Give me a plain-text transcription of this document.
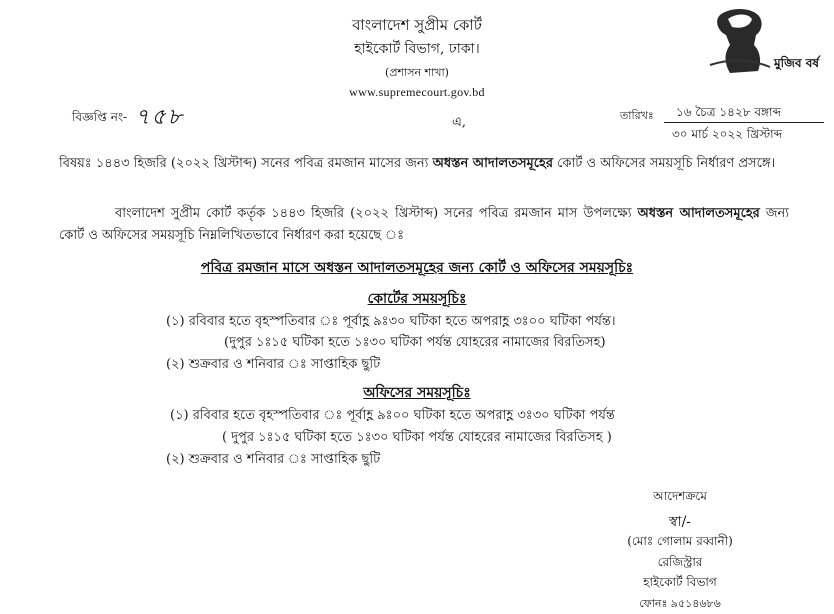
মুজিব বর্ষ
বাংলাদেশ সুপ্রীম কোর্ট
হাইকোর্ট বিভাগ, ঢাকা।
(প্রশাসন শাখা)
www.supremecourt.gov.bd
বিজ্ঞপ্তি নং- ৭৫৮	এ,	তারিখঃ ১৬ চৈত্র ১৪২৮ বঙ্গাব্দ
৩০ মার্চ ২০২২ খ্রিস্টাব্দ
বিষয়ঃ ১৪৪৩ হিজরি (২০২২ খ্রিস্টাব্দ) সনের পবিত্র রমজান মাসের জন্য অধস্তন আদালতসমূহের কোর্ট ও অফিসের সময়সূচি নির্ধারণ প্রসঙ্গে।
বাংলাদেশ সুপ্রীম কোর্ট কর্তৃক ১৪৪৩ হিজরি (২০২২ খ্রিস্টাব্দ) সনের পবিত্র রমজান মাস উপলক্ষ্যে অধস্তন আদালতসমূহের জন্য কোর্ট ও অফিসের সময়সূচি নিম্নলিখিতভাবে নির্ধারণ করা হয়েছে ঃ
পবিত্র রমজান মাসে অধস্তন আদালতসমূহের জন্য কোর্ট ও অফিসের সময়সূচিঃ
কোর্টের সময়সূচিঃ
(১) রবিবার হতে বৃহস্পতিবার ঃ পূর্বাহ্ণ ৯ঃ৩০ ঘটিকা হতে অপরাহ্ণ ৩ঃ০০ ঘটিকা পর্যন্ত।
(দুপুর ১ঃ১৫ ঘটিকা হতে ১ঃ৩০ ঘটিকা পর্যন্ত যোহরের নামাজের বিরতিসহ)
(২) শুক্রবার ও শনিবার ঃ সাপ্তাহিক ছুটি
অফিসের সময়সূচিঃ
(১) রবিবার হতে বৃহস্পতিবার ঃ পূর্বাহ্ণ ৯ঃ০০ ঘটিকা হতে অপরাহ্ণ ৩ঃ৩০ ঘটিকা পর্যন্ত
( দুপুর ১ঃ১৫ ঘটিকা হতে ১ঃ৩০ ঘটিকা পর্যন্ত যোহরের নামাজের বিরতিসহ )
(২) শুক্রবার ও শনিবার ঃ সাপ্তাহিক ছুটি
আদেশক্রমে
স্বা/-
(মোঃ গোলাম রব্বানী)
রেজিস্ট্রার
হাইকোর্ট বিভাগ
ফোনঃ ৯৫১৪৬৮৬
